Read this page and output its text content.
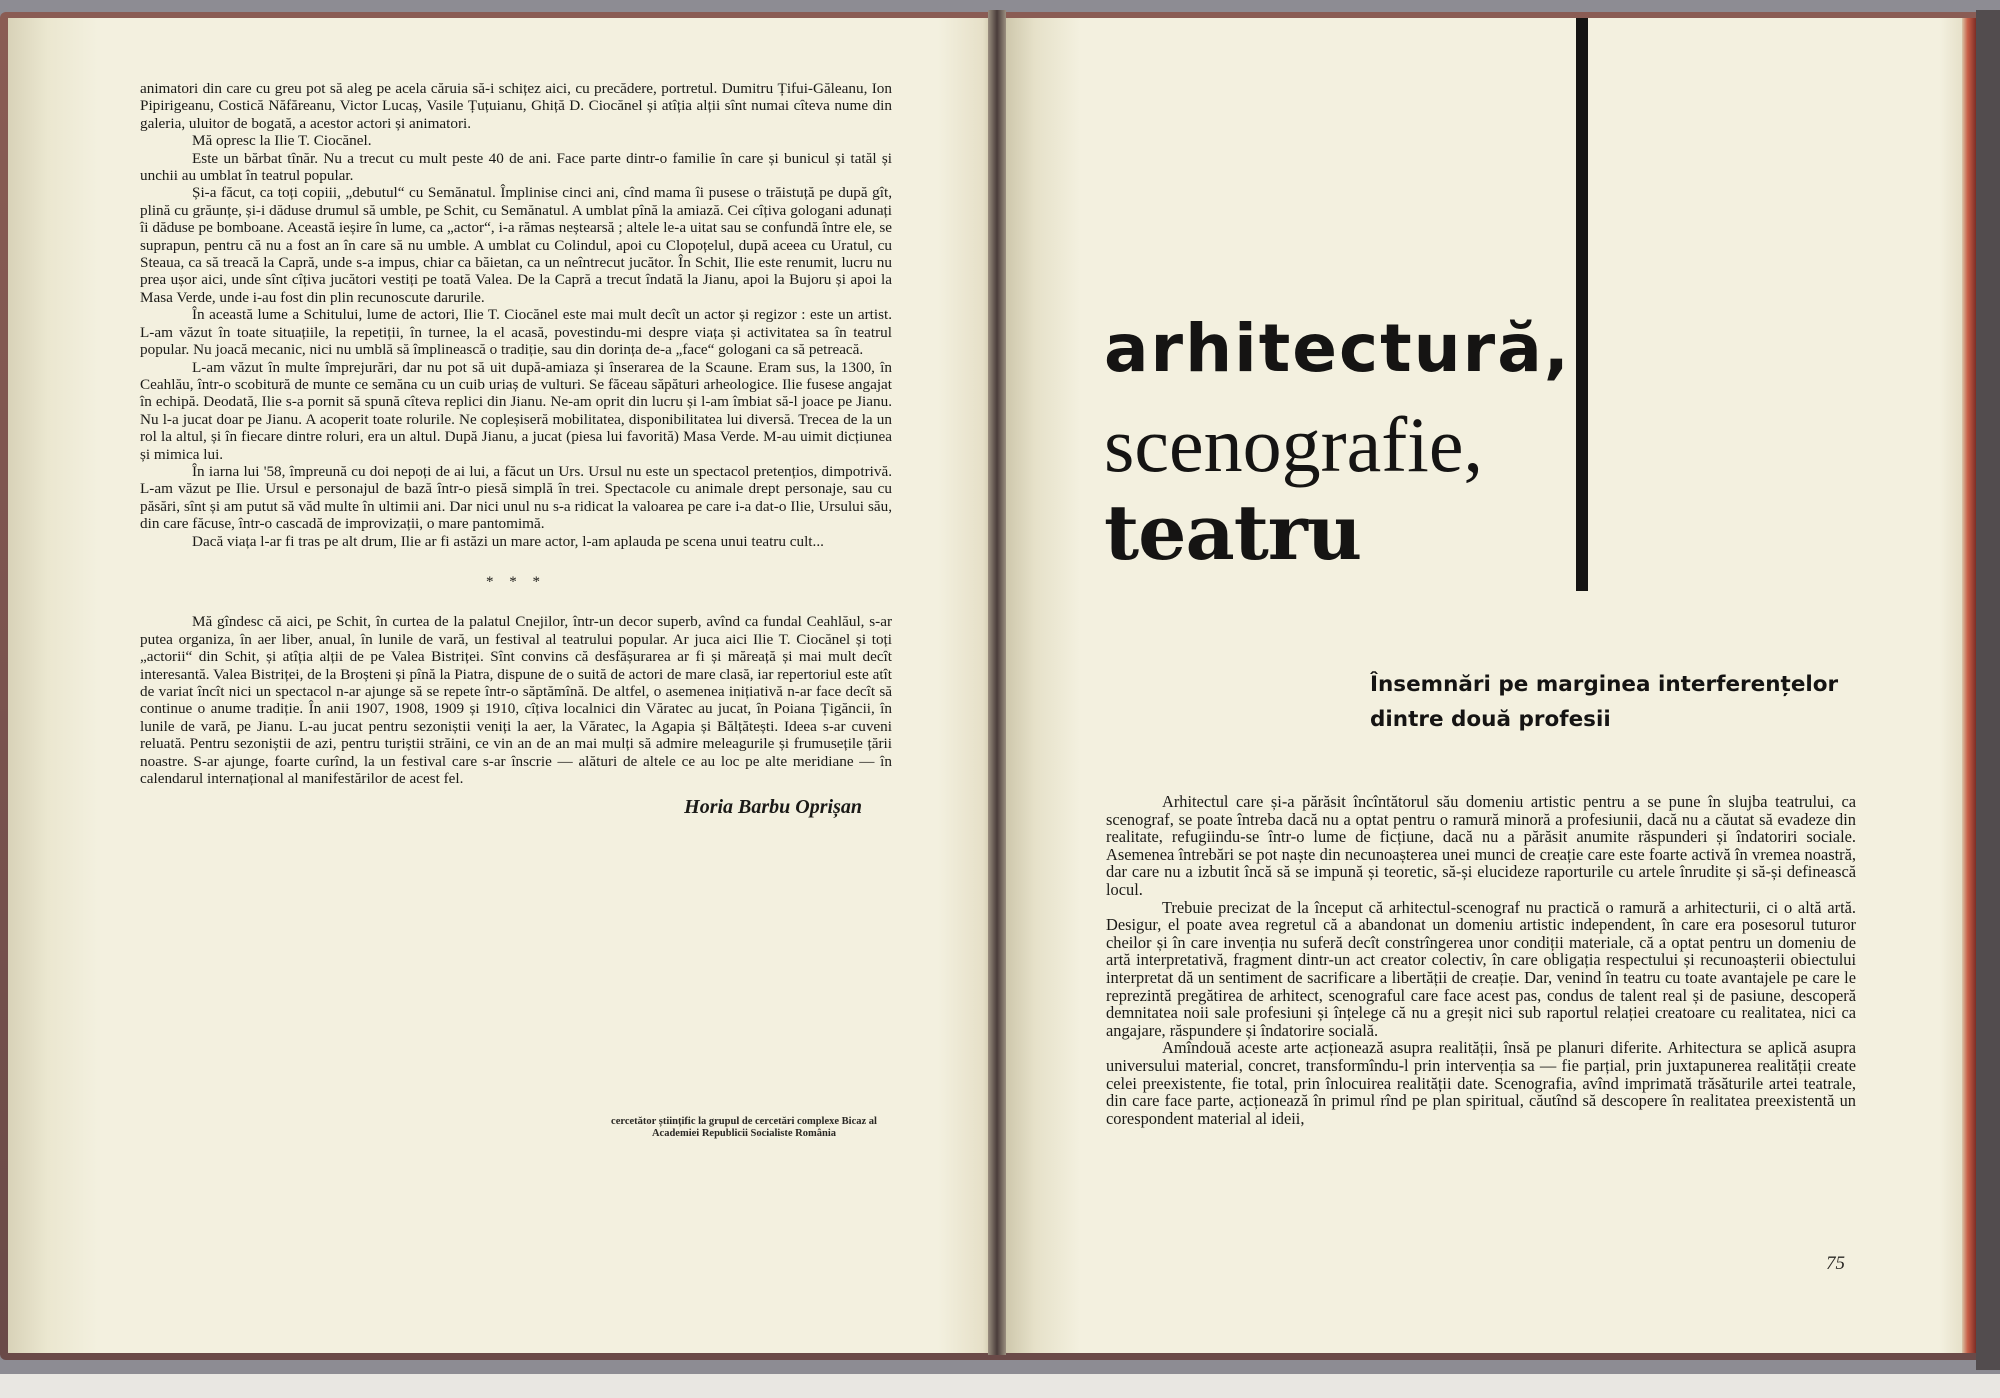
animatori din care cu greu pot să aleg pe acela căruia să-i schițez aici, cu precădere, portretul. Dumitru Țifui-Găleanu, Ion Pipirigeanu, Costică Năfăreanu, Victor Lucaș, Vasile Țuțuianu, Ghiță D. Ciocănel și atîția alții sînt numai cîteva nume din galeria, uluitor de bogată, a acestor actori și animatori.

Mă opresc la Ilie T. Ciocănel.

Este un bărbat tînăr. Nu a trecut cu mult peste 40 de ani. Face parte dintr-o familie în care și bunicul și tatăl și unchii au umblat în teatrul popular.

Și-a făcut, ca toți copiii, „debutul“ cu Semănatul. Împlinise cinci ani, cînd mama îi pusese o trăistuță pe după gît, plină cu grăunțe, și-i dăduse drumul să umble, pe Schit, cu Semănatul. A umblat pînă la amiază. Cei cîțiva gologani adunați îi dăduse pe bomboane. Această ieșire în lume, ca „actor“, i-a rămas neștearsă ; altele le-a uitat sau se confundă între ele, se suprapun, pentru că nu a fost an în care să nu umble. A umblat cu Colindul, apoi cu Clopoțelul, după aceea cu Uratul, cu Steaua, ca să treacă la Capră, unde s-a impus, chiar ca băietan, ca un neîntrecut jucător. În Schit, Ilie este renumit, lucru nu prea ușor aici, unde sînt cîțiva jucători vestiți pe toată Valea. De la Capră a trecut îndată la Jianu, apoi la Bujoru și apoi la Masa Verde, unde i-au fost din plin recunoscute darurile.

În această lume a Schitului, lume de actori, Ilie T. Ciocănel este mai mult decît un actor și regizor : este un artist. L-am văzut în toate situațiile, la repetiții, în turnee, la el acasă, povestindu-mi despre viața și activitatea sa în teatrul popular. Nu joacă mecanic, nici nu umblă să împlinească o tradiție, sau din dorința de-a „face“ gologani ca să petreacă.

L-am văzut în multe împrejurări, dar nu pot să uit după-amiaza și înserarea de la Scaune. Eram sus, la 1300, în Ceahlău, într-o scobitură de munte ce semăna cu un cuib uriaș de vulturi. Se făceau săpături arheologice. Ilie fusese angajat în echipă. Deodată, Ilie s-a pornit să spună cîteva replici din Jianu. Ne-am oprit din lucru și l-am îmbiat să-l joace pe Jianu. Nu l-a jucat doar pe Jianu. A acoperit toate rolurile. Ne copleșiseră mobilitatea, disponibilitatea lui diversă. Trecea de la un rol la altul, și în fiecare dintre roluri, era un altul. După Jianu, a jucat (piesa lui favorită) Masa Verde. M-au uimit dicțiunea și mimica lui.

În iarna lui '58, împreună cu doi nepoți de ai lui, a făcut un Urs. Ursul nu este un spectacol pretențios, dimpotrivă. L-am văzut pe Ilie. Ursul e personajul de bază într-o piesă simplă în trei. Spectacole cu animale drept personaje, sau cu păsări, sînt și am putut să văd multe în ultimii ani. Dar nici unul nu s-a ridicat la valoarea pe care i-a dat-o Ilie, Ursului său, din care făcuse, într-o cascadă de improvizații, o mare pantomimă.

Dacă viața l-ar fi tras pe alt drum, Ilie ar fi astăzi un mare actor, l-am aplauda pe scena unui teatru cult...

* * *

Mă gîndesc că aici, pe Schit, în curtea de la palatul Cnejilor, într-un decor superb, avînd ca fundal Ceahlăul, s-ar putea organiza, în aer liber, anual, în lunile de vară, un festival al teatrului popular. Ar juca aici Ilie T. Ciocănel și toți „actorii“ din Schit, și atîția alții de pe Valea Bistriței. Sînt convins că desfășurarea ar fi și măreață și mai mult decît interesantă. Valea Bistriței, de la Broșteni și pînă la Piatra, dispune de o suită de actori de mare clasă, iar repertoriul este atît de variat încît nici un spectacol n-ar ajunge să se repete într-o săptămînă. De altfel, o asemenea inițiativă n-ar face decît să continue o anume tradiție. În anii 1907, 1908, 1909 și 1910, cîțiva localnici din Văratec au jucat, în Poiana Țigăncii, în lunile de vară, pe Jianu. L-au jucat pentru sezoniștii veniți la aer, la Văratec, la Agapia și Bălțătești. Ideea s-ar cuveni reluată. Pentru sezoniștii de azi, pentru turiștii străini, ce vin an de an mai mulți să admire meleagurile și frumusețile țării noastre. S-ar ajunge, foarte curînd, la un festival care s-ar înscrie — alături de altele ce au loc pe alte meridiane — în calendarul internațional al manifestărilor de acest fel.

Horia Barbu Oprișan
cercetător științific la grupul de cercetări complexe Bicaz al Academiei Republicii Socialiste România
arhitectură,
scenografie,
teatru
Însemnări pe marginea interferențelor
dintre două profesii

Arhitectul care și-a părăsit încîntătorul său domeniu artistic pentru a se pune în slujba teatrului, ca scenograf, se poate întreba dacă nu a optat pentru o ramură minoră a profesiunii, dacă nu a căutat să evadeze din realitate, refugiindu-se într-o lume de ficțiune, dacă nu a părăsit anumite răspunderi și îndatoriri sociale. Asemenea întrebări se pot naște din necunoașterea unei munci de creație care este foarte activă în vremea noastră, dar care nu a izbutit încă să se impună și teoretic, să-și elucideze raporturile cu artele înrudite și să-și definească locul.

Trebuie precizat de la început că arhitectul-scenograf nu practică o ramură a arhitecturii, ci o altă artă. Desigur, el poate avea regretul că a abandonat un domeniu artistic independent, în care era posesorul tuturor cheilor și în care invenția nu suferă decît constrîngerea unor condiții materiale, că a optat pentru un domeniu de artă interpretativă, fragment dintr-un act creator colectiv, în care obligația respectului și recunoașterii obiectului interpretat dă un sentiment de sacrificare a libertății de creație. Dar, venind în teatru cu toate avantajele pe care le reprezintă pregătirea de arhitect, scenograful care face acest pas, condus de talent real și de pasiune, descoperă demnitatea noii sale profesiuni și înțelege că nu a greșit nici sub raportul relației creatoare cu realitatea, nici ca angajare, răspundere și îndatorire socială.

Amîndouă aceste arte acționează asupra realității, însă pe planuri diferite. Arhitectura se aplică asupra universului material, concret, transformîndu-l prin intervenția sa — fie parțial, prin juxtapunerea realității create celei preexistente, fie total, prin înlocuirea realității date. Scenografia, avînd imprimată trăsăturile artei teatrale, din care face parte, acționează în primul rînd pe plan spiritual, căutînd să descopere în realitatea preexistentă un corespondent material al ideii,

75
